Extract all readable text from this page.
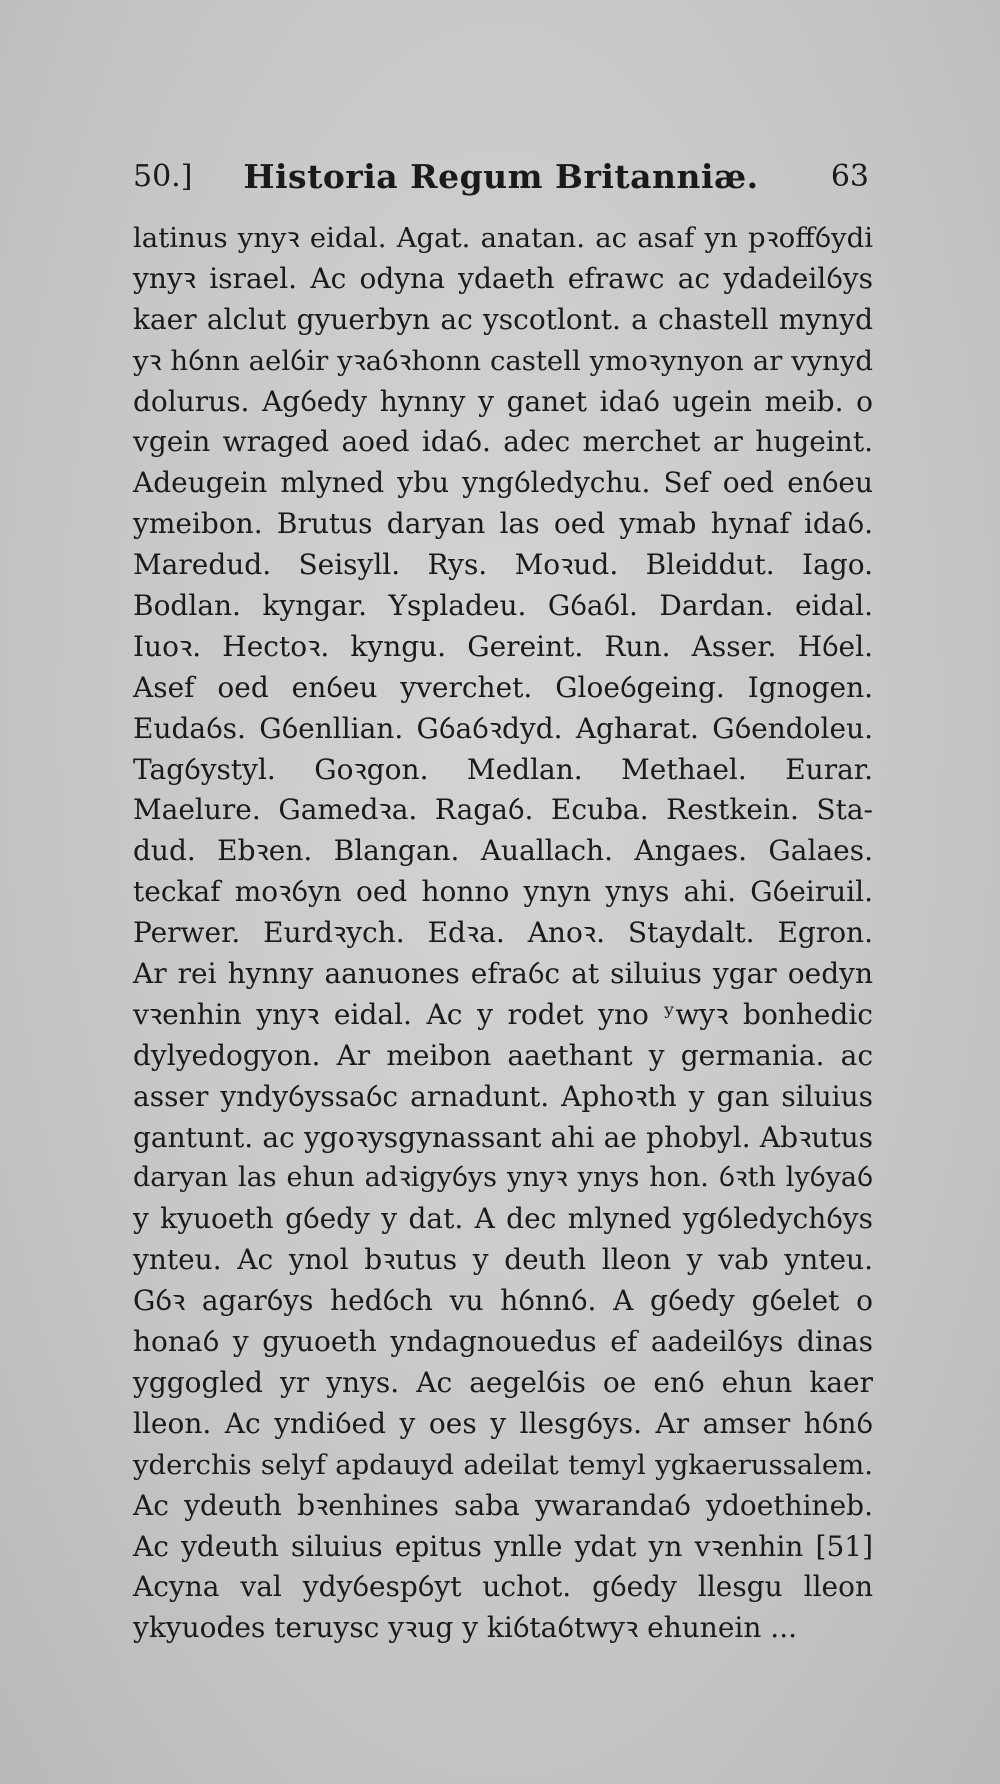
50.]	Historia Regum Britanniæ.	63
latinus ynyꝛ eidal. Agat. anatan. ac asaf yn pꝛoffỽydi
ynyꝛ israel. Ac odyna ydaeth efrawc ac ydadeilỽys
kaer alclut gyuerbyn ac yscotlont. a chastell mynyd
yꝛ hỽnn aelỽir yꝛaỽꝛhonn castell ymoꝛynyon ar vynyd
dolurus. Agỽedy hynny y ganet idaỽ ugein meib. o
vgein wraged aoed idaỽ. adec merchet ar hugeint.
Adeugein mlyned ybu yngỽledychu. Sef oed enỽeu
ymeibon. Brutus daryan las oed ymab hynaf idaỽ.
Maredud. Seisyll. Rys. Moꝛud. Bleiddut. Iago.
Bodlan. kyngar. Yspladeu. Gỽaỽl. Dardan. eidal.
Iuoꝛ. Hectoꝛ. kyngu. Gereint. Run. Asser. Hỽel.
Asef oed enỽeu yverchet. Gloeỽgeing. Ignogen.
Eudaỽs. Gỽenllian. Gỽaỽꝛdyd. Agharat. Gỽendoleu.
Tagỽystyl. Goꝛgon. Medlan. Methael. Eurar.
Maelure. Gamedꝛa. Ragaỽ. Ecuba. Restkein. Sta-
dud. Ebꝛen. Blangan. Auallach. Angaes. Galaes.
teckaf moꝛỽyn oed honno ynyn ynys ahi. Gỽeiruil.
Perwer. Eurdꝛych. Edꝛa. Anoꝛ. Staydalt. Egron.
Ar rei hynny aanuones efraỽc at siluius ygar oedyn
vꝛenhin ynyꝛ eidal. Ac y rodet yno ʸwyꝛ bonhedic
dylyedogyon. Ar meibon aaethant y germania. ac
asser yndyỽyssaỽc arnadunt. Aphoꝛth y gan siluius
gantunt. ac ygoꝛysgynassant ahi ae phobyl. Abꝛutus
daryan las ehun adꝛigyỽys ynyꝛ ynys hon. ỽꝛth lyỽyaỽ
y kyuoeth gỽedy y dat. A dec mlyned ygỽledychỽys
ynteu. Ac ynol bꝛutus y deuth lleon y vab ynteu.
Gỽꝛ agarỽys hedỽch vu hỽnnỽ. A gỽedy gỽelet o
honaỽ y gyuoeth yndagnouedus ef aadeilỽys dinas
yggogled yr ynys. Ac aegelỽis oe enỽ ehun kaer
lleon. Ac yndiỽed y oes y llesgỽys. Ar amser hỽnỽ
yderchis selyf apdauyd adeilat temyl ygkaerussalem.
Ac ydeuth bꝛenhines saba ywarandaỽ ydoethineb.
Ac ydeuth siluius epitus ynlle ydat yn vꝛenhin [51]
Acyna val ydyỽespỽyt uchot. gỽedy llesgu lleon
ykyuodes teruysc yꝛug y kiỽtaỽtwyꝛ ehunein ...
